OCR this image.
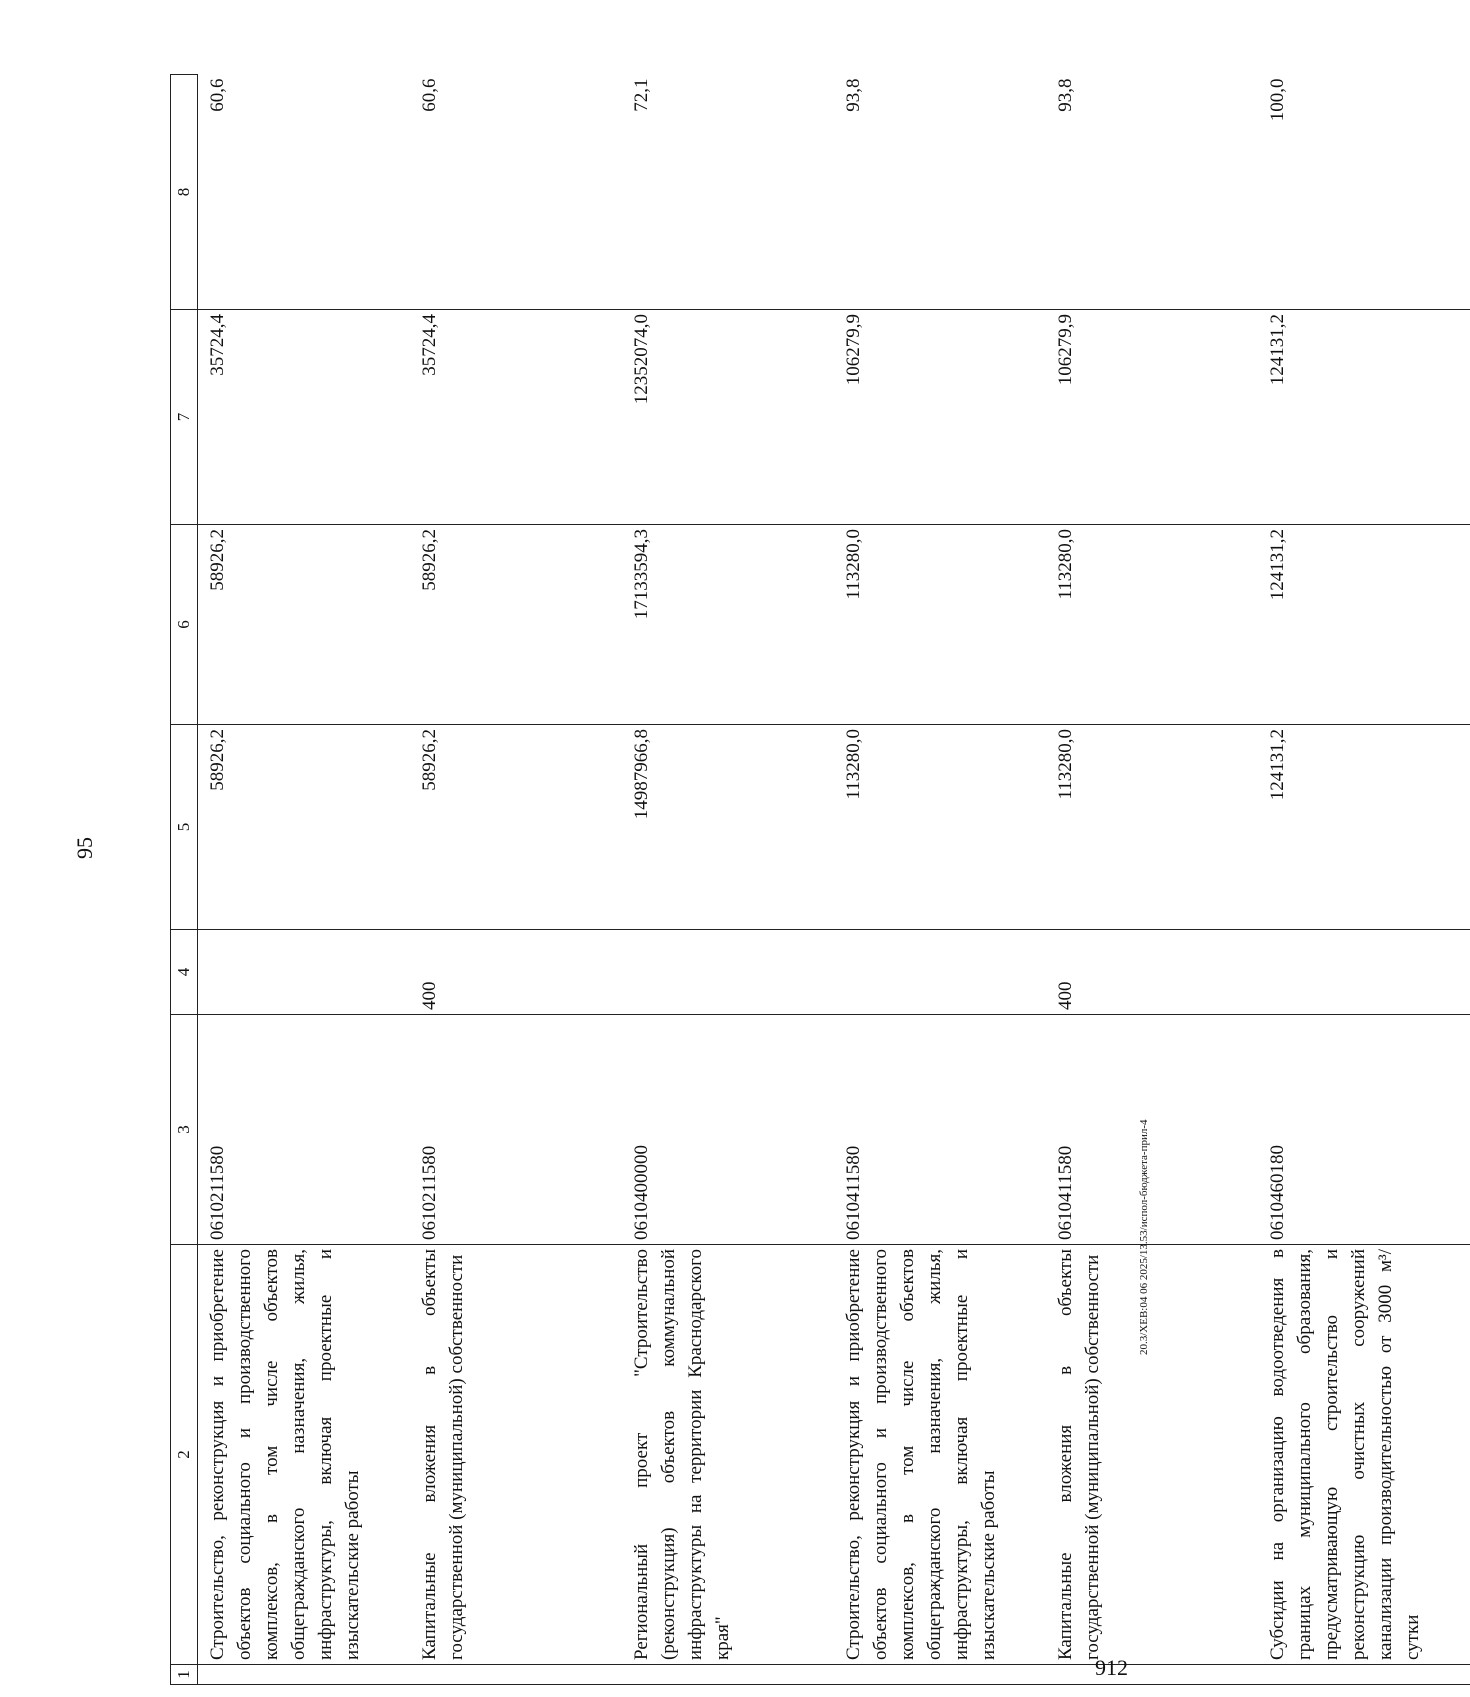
95
1	2	3	4	5	6	7	8
	Строительство, реконструкция и приобретение объектов социального и производственного комплексов, в том числе объектов общегражданского назначения, жилья, инфраструктуры, включая проектные и изыскательские работы	0610211580		58926,2	58926,2	35724,4	60,6
	Капитальные вложения в объекты государственной (муниципальной) собственности	0610211580	400	58926,2	58926,2	35724,4	60,6
	Региональный проект "Строительство (реконструкция) объектов коммунальной инфраструктуры на территории Краснодарского края"	0610400000		14987966,8	17133594,3	12352074,0	72,1
	Строительство, реконструкция и приобретение объектов социального и производственного комплексов, в том числе объектов общегражданского назначения, жилья, инфраструктуры, включая проектные и изыскательские работы	0610411580		113280,0	113280,0	106279,9	93,8
	Капитальные вложения в объекты государственной (муниципальной) собственности	0610411580	400	113280,0	113280,0	106279,9	93,8
	Субсидии на организацию водоотведения в границах муниципального образования, предусматривающую строительство и реконструкцию очистных сооружений канализации производительностью от 3000 м³/сутки	0610460180		124131,2	124131,2	124131,2	100,0
20.3/XEB:04 06 2025/13.53/испол-бюджета-прил-4
912
